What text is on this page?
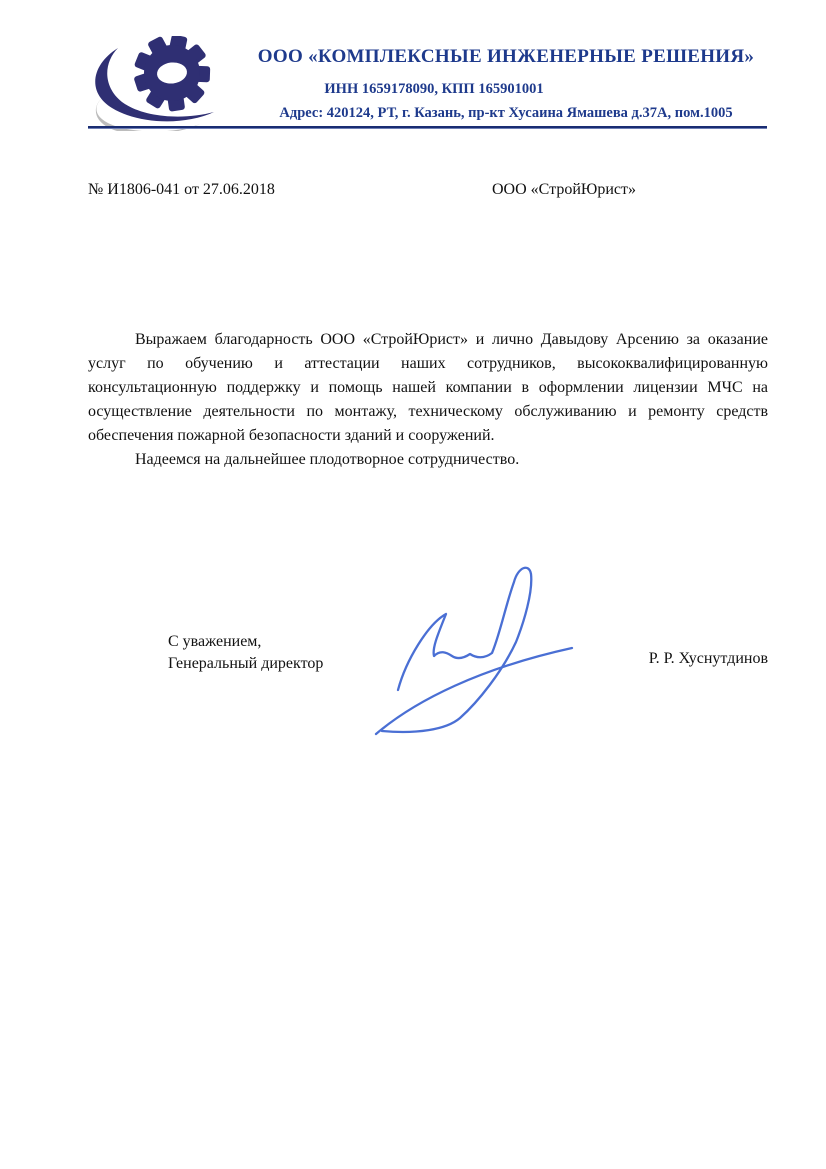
ООО «КОМПЛЕКСНЫЕ ИНЖЕНЕРНЫЕ РЕШЕНИЯ»
ИНН 1659178090, КПП 165901001
Адрес: 420124, РТ, г. Казань, пр-кт Хусаина Ямашева д.37А, пом.1005
№ И1806-041 от 27.06.2018	ООО «СтройЮрист»
Выражаем благодарность ООО «СтройЮрист» и лично Давыдову Арсению за оказание
услуг по обучению и аттестации наших сотрудников, высококвалифицированную
консультационную поддержку и помощь нашей компании в оформлении лицензии МЧС на
осуществление деятельности по монтажу, техническому обслуживанию и ремонту средств
обеспечения пожарной безопасности зданий и сооружений.
Надеемся на дальнейшее плодотворное сотрудничество.
С уважением,
Генеральный директор	Р. Р. Хуснутдинов
